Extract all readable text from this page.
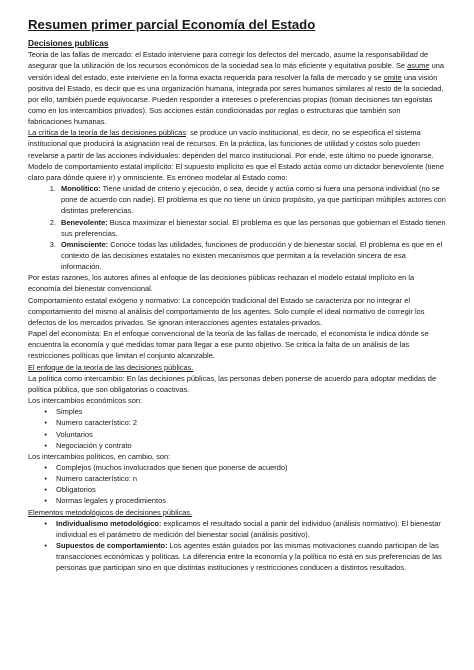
Resumen primer parcial Economía del Estado
Decisiones publicas

Teoria de las fallas de mercado: el Estado interviene para corregir los defectos del mercado, asume la responsabilidad de asegurar que la utilización de los recursos económicos de la sociedad sea lo más eficiente y equitativa posible. Se asume una versión ideal del estado, este interviene en la forma exacta requerida para resolver la falla de mercado y se omite una visión positiva del Estado, es decir que es una organización humana, integrada por seres humanos similares al resto de la sociedad, por ello, también puede equivocarse. Pueden responder a intereses o preferencias propias (toman decisiones tan egoístas como en los intercambios privados). Sus acciones están condicionadas por reglas o estructuras que también son fabricaciones humanas.

La crítica de la teoría de las decisiones públicas: se produce un vacío institucional, es decir, no se especifica el sistema institucional que producirá la asignación real de recursos. En la práctica, las funciones de utilidad y costos solo pueden revelarse a partir de las acciones individuales: dependen del marco institucional. Por ende, este último no puede ignorarse.

Modelo de comportamiento estatal implícito: El supuesto implícito es que el Estado actúa como un dictador benevolente (tiene claro para dónde quiere ir) y omnisciente. Es erróneo modelar al Estado como:

1. Monolítico: Tiene unidad de criterio y ejecución, o sea, decide y actúa como si fuera una persona individual (no se pone de acuerdo con nadie). El problema es que no tiene un único propósito, ya que participan múltiples actores con distintas preferencias.
2. Benevolente: Busca maximizar el bienestar social. El problema es que las personas que gobiernan el Estado tienen sus preferencias.
3. Omnisciente: Conoce todas las utilidades, funciones de producción y de bienestar social. El problema es que en el contexto de las decisiones estatales no existen mecanismos que permitan a la revelación sincera de esa información.

Por estas razones, los autores afines al enfoque de las decisiones públicas rechazan el modelo estatal implícito en la economía del bienestar convencional.

Comportamiento estatal exógeno y normativo: La concepción tradicional del Estado se caracteriza por no integrar el comportamiento del mismo al análisis del comportamiento de los agentes. Solo cumple el ideal normativo de corregir los defectos de los mercados privados. Se ignoran interacciones agentes estatales-privados.

Papel del economista: En el enfoque convencional de la teoría de las fallas de mercado, el economista le indica dónde se encuentra la economía y qué medidas tomar para llegar a ese punto objetivo. Se critica la falta de un análisis de las restricciones políticas que limitan el conjunto alcanzable.

El enfoque de la teoría de las decisiones públicas.

La política como intercambio: En las decisiones públicas, las personas deben ponerse de acuerdo para adoptar medidas de política pública, que son obligatorias o coactivas.

Los intercambios económicos son:

•	Simples
•	Numero característico: 2
•	Voluntarios
•	Negociación y contrato

Los intercambios políticos, en cambio, son:

•	Complejos (muchos involucrados que tienen que ponerse de acuerdo)
•	Numero característico: n
•	Obligatorios
•	Normas legales y procedimientos

Elementos metodológicos de decisiones públicas.

•	Individualismo metodológico: explicamos el resultado social a partir del individuo (análisis normativo). El bienestar individual es el parámetro de medición del bienestar social (análisis positivo).
•	Supuestos de comportamiento: Los agentes están guiados por las mismas motivaciones cuando participan de las transacciones económicas y políticas. La diferencia entre la economía y la política no está en sus preferencias de las personas que participan sino en que distintas instituciones y restricciones conducen a distintos resultados.
